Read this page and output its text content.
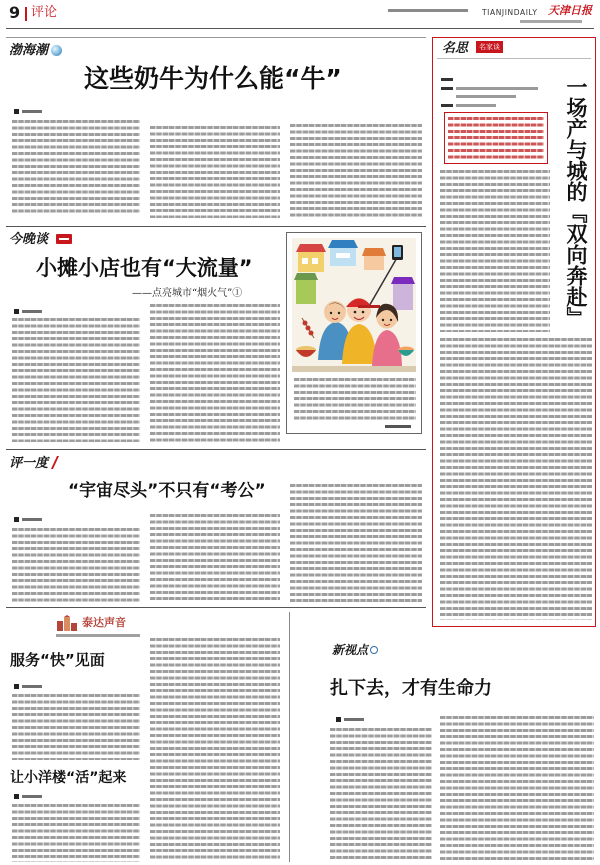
9 评论	TIANJINDAILY 天津日报
渤海潮
这些奶牛为什么能“牛”
今晚谈
小摊小店也有“大流量”
——点亮城市“烟火气”①
评一度
“宇宙尽头”不只有“考公”
泰达声音
服务“快”见面
让小洋楼“活”起来
新视点
扎下去，才有生命力
名思	名家谈
一场产与城的『双向奔赴』
